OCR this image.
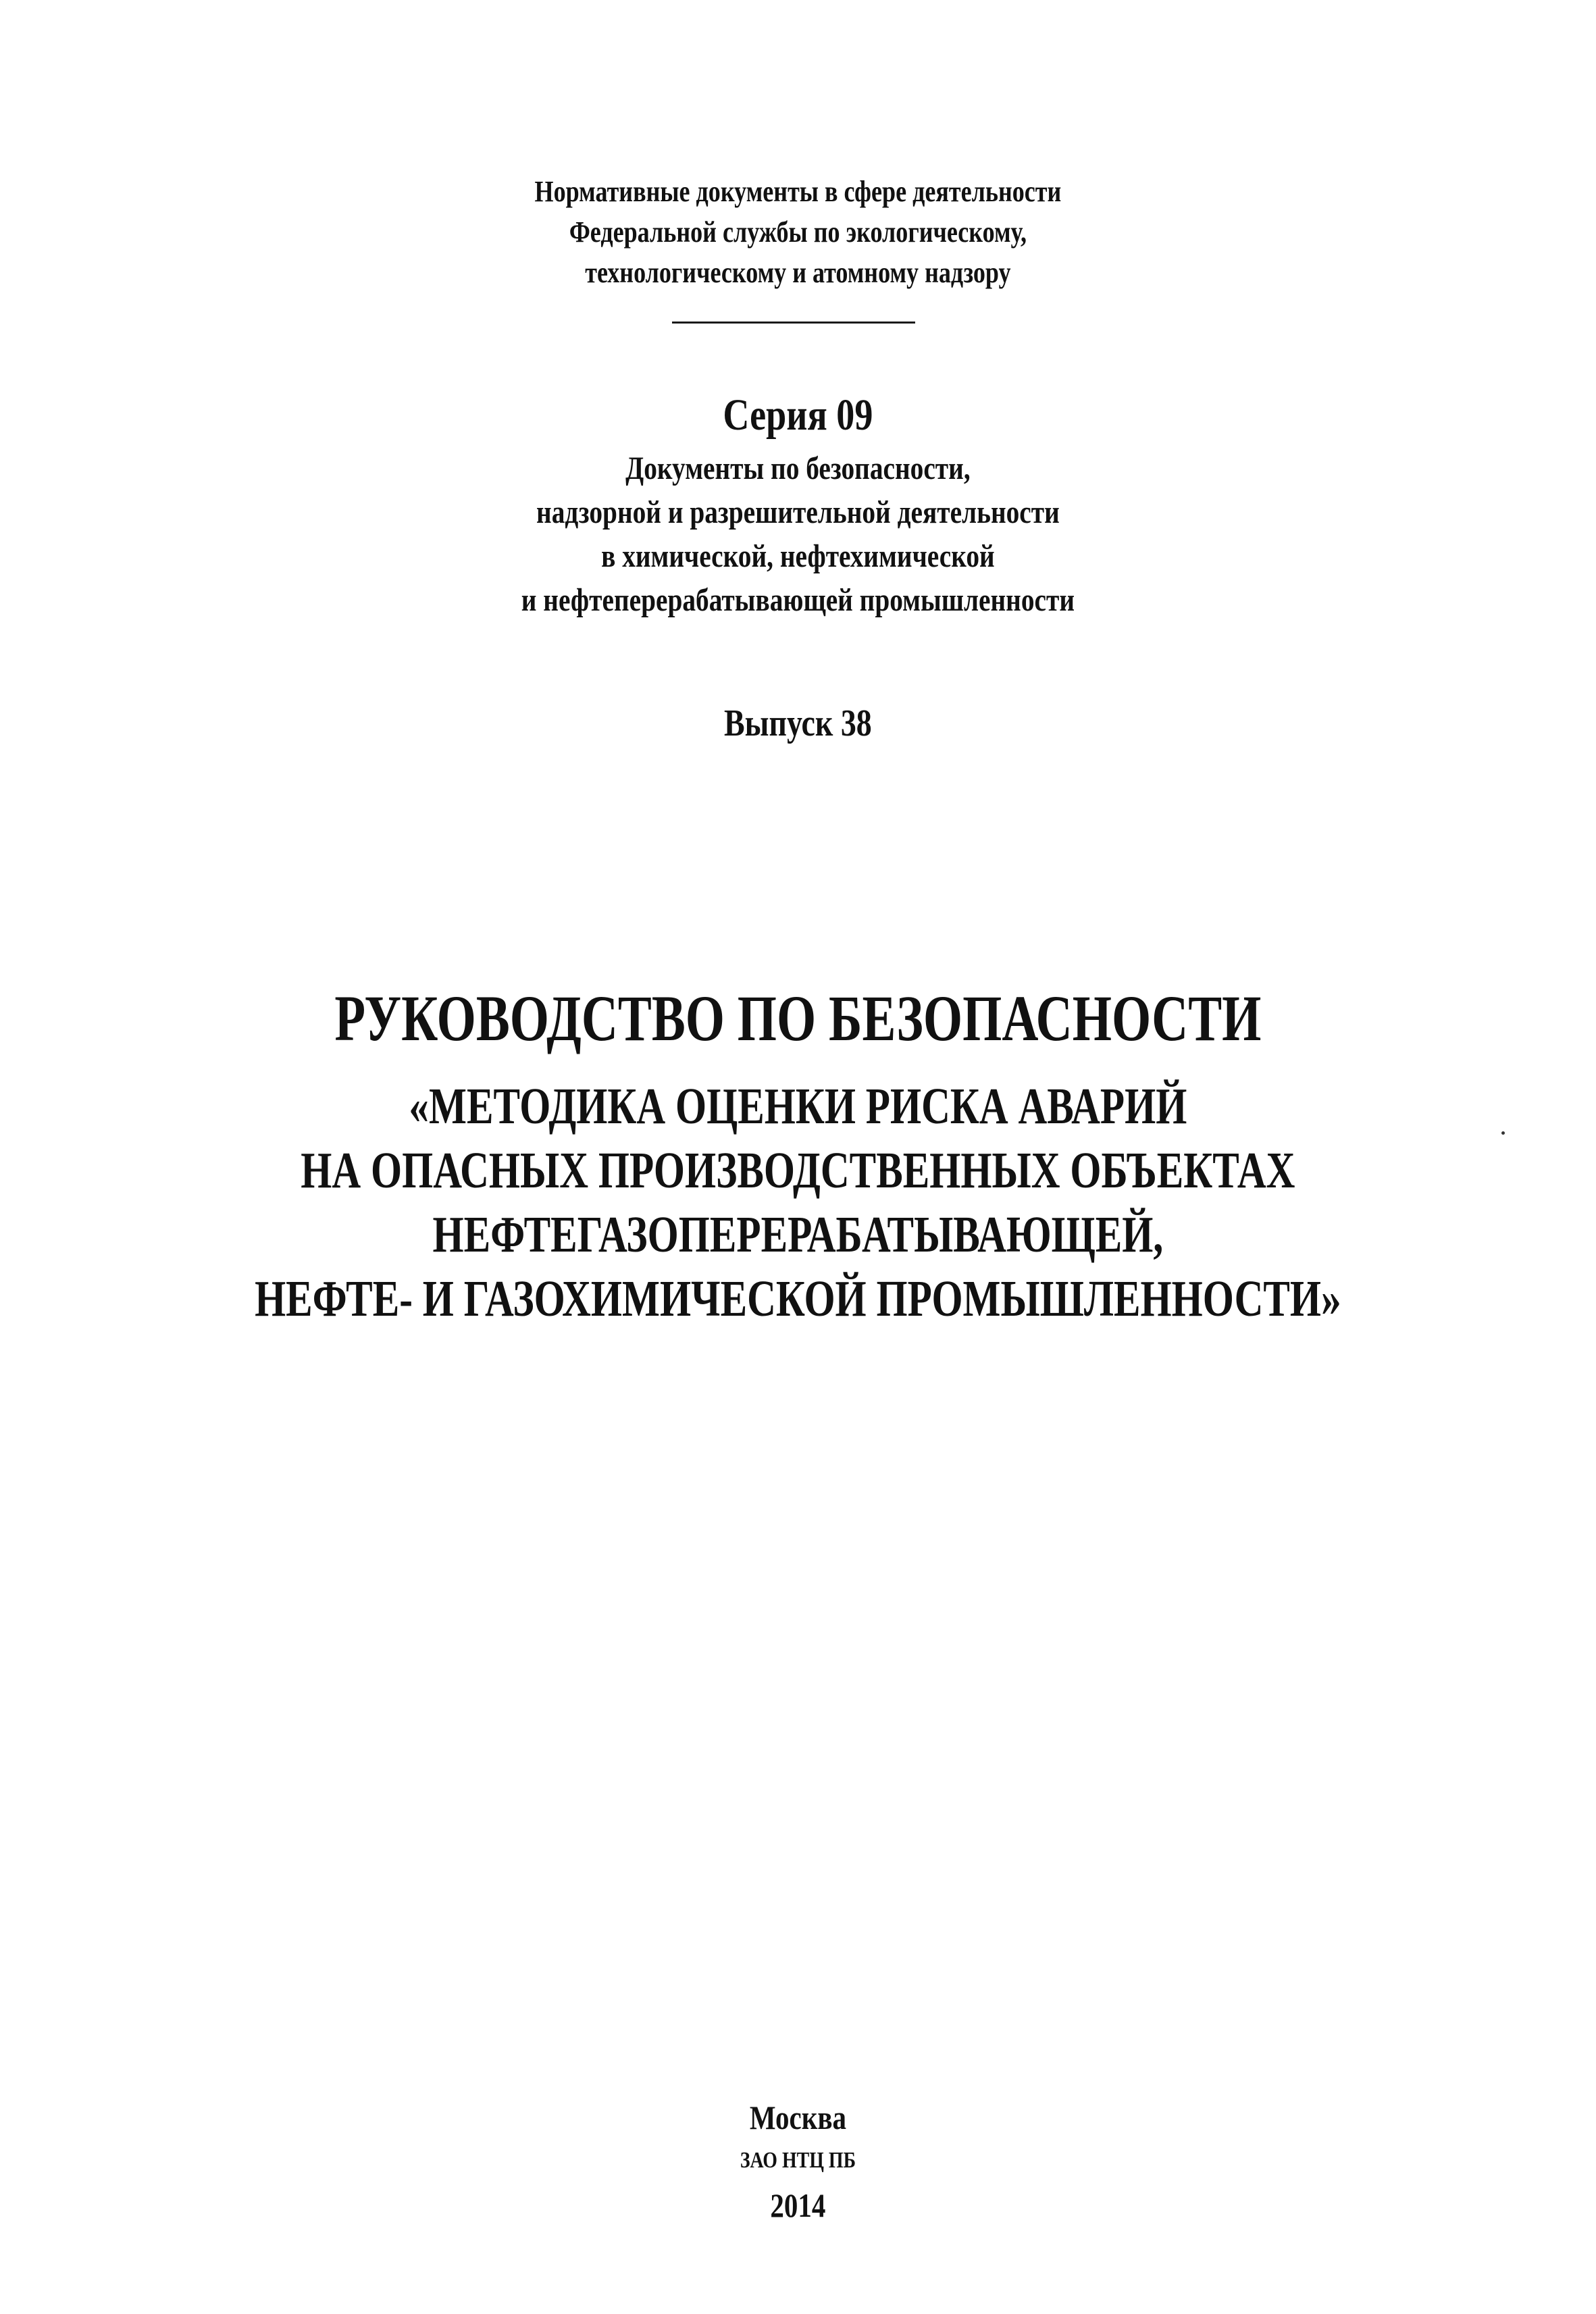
Нормативные документы в сфере деятельности

Федеральной службы по экологическому,

технологическому и атомному надзору

Серия 09

Документы по безопасности,

надзорной и разрешительной деятельности

в химической, нефтехимической

и нефтеперерабатывающей промышленности

Выпуск 38

РУКОВОДСТВО ПО БЕЗОПАСНОСТИ

«МЕТОДИКА ОЦЕНКИ РИСКА АВАРИЙ

НА ОПАСНЫХ ПРОИЗВОДСТВЕННЫХ ОБЪЕКТАХ

НЕФТЕГАЗОПЕРЕРАБАТЫВАЮЩЕЙ,

НЕФТЕ- И ГАЗОХИМИЧЕСКОЙ ПРОМЫШЛЕННОСТИ»

Москва

ЗАО НТЦ ПБ

2014
